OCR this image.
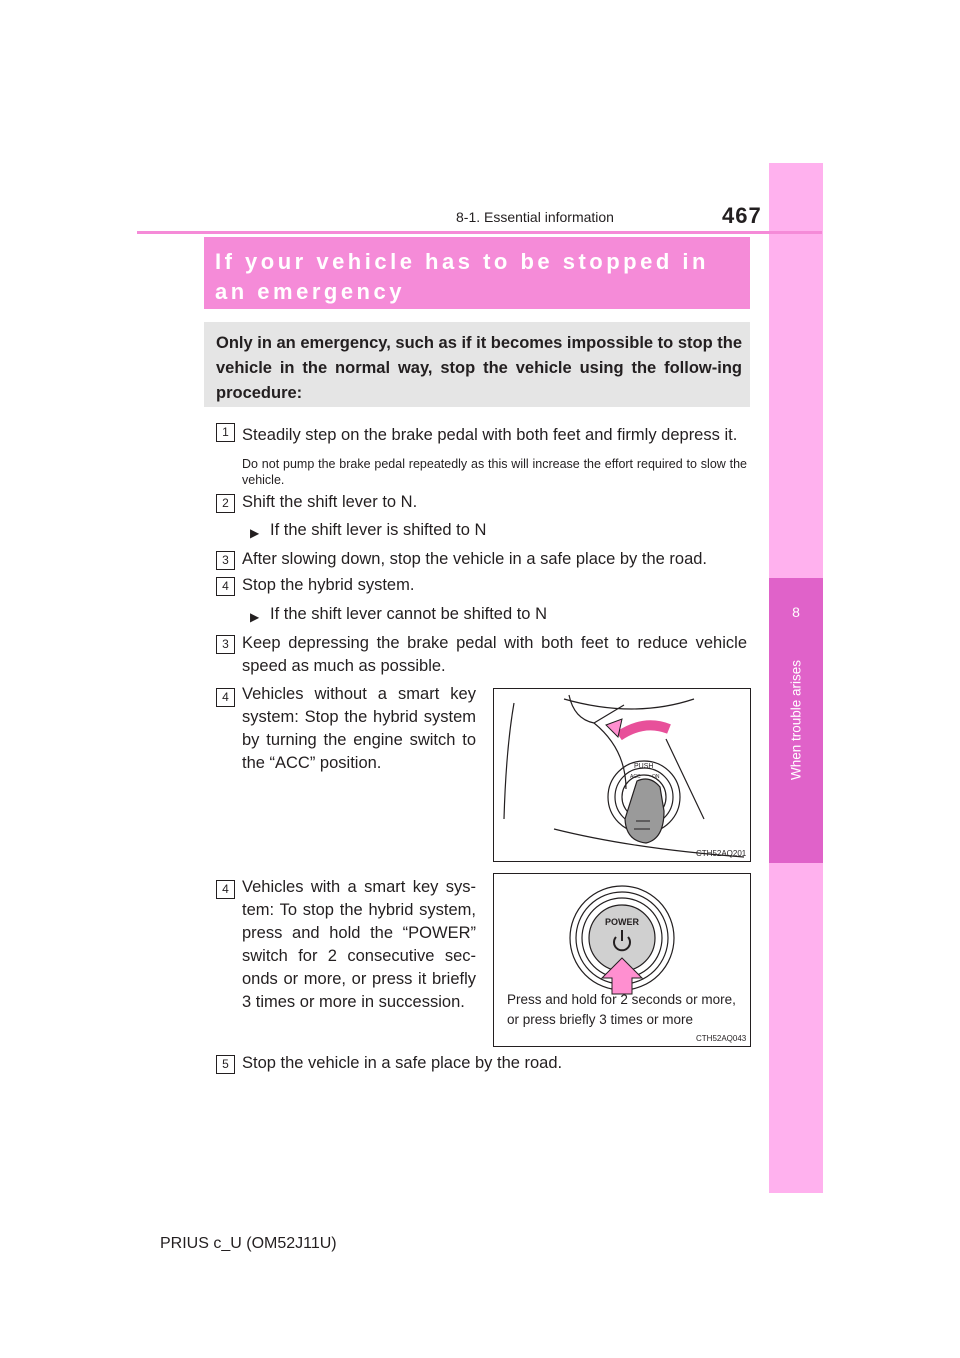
8
When trouble arises
8-1. Essential information	467
If your vehicle has to be stopped in an emergency
Only in an emergency, such as if it becomes impossible to stop the vehicle in the normal way, stop the vehicle using the follow-ing procedure:
1 Steadily step on the brake pedal with both feet and firmly depress it.
Do not pump the brake pedal repeatedly as this will increase the effort required to slow the vehicle.
2 Shift the shift lever to N.
▶ If the shift lever is shifted to N
3 After slowing down, stop the vehicle in a safe place by the road.
4 Stop the hybrid system.
▶ If the shift lever cannot be shifted to N
3 Keep depressing the brake pedal with both feet to reduce vehicle speed as much as possible.
4 Vehicles without a smart key system: Stop the hybrid system by turning the engine switch to the “ACC” position.	PUSH
ACC ON
CTH52AQ201
4 Vehicles with a smart key sys-tem: To stop the hybrid system, press and hold the “POWER” switch for 2 consecutive sec-onds or more, or press it briefly 3 times or more in succession.
POWER
CTH52AQ043
Press and hold for 2 seconds or more, or press briefly 3 times or more
5 Stop the vehicle in a safe place by the road.
PRIUS c_U (OM52J11U)
